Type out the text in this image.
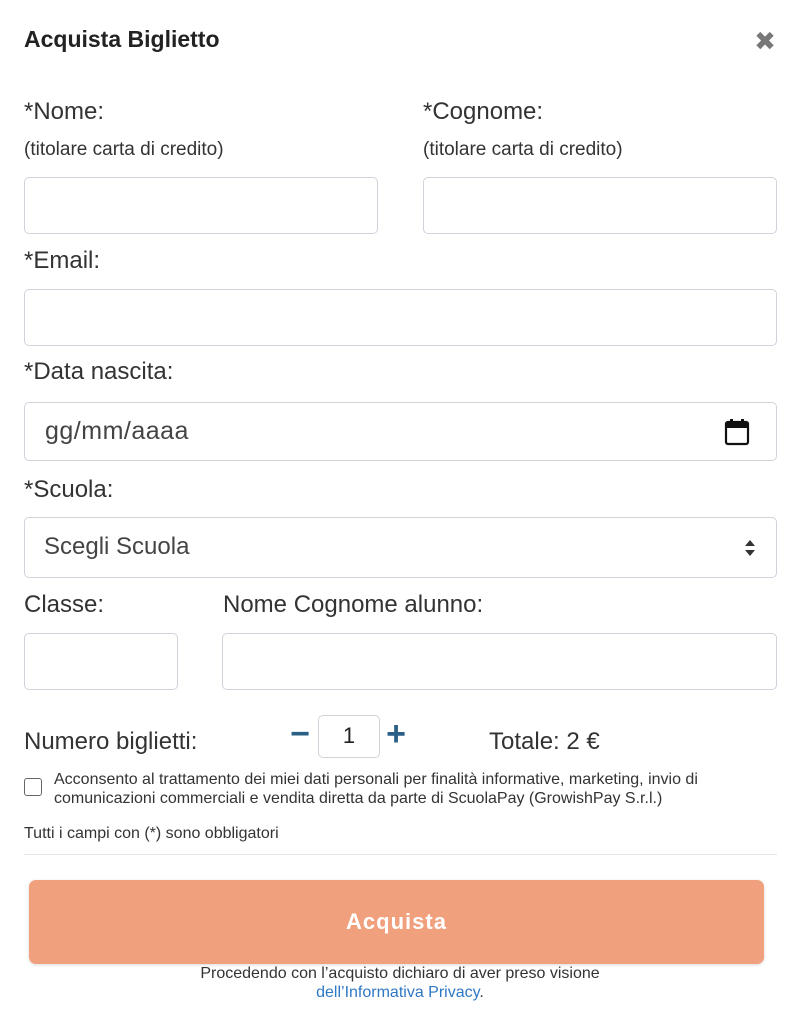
Acquista Biglietto	✖
*Nome:
(titolare carta di credito)
*Cognome:
(titolare carta di credito)
*Email:
*Data nascita:
gg/mm/aaaa
*Scuola:
Scegli Scuola
Classe:	Nome Cognome alunno:
Numero biglietti:	−	1 +	Totale: 2 €
Acconsento al trattamento dei miei dati personali per finalità informative, marketing, invio di comunicazioni commerciali e vendita diretta da parte di ScuolaPay (GrowishPay S.r.l.)
Tutti i campi con (*) sono obbligatori
Acquista
Procedendo con l’acquisto dichiaro di aver preso visione
dell’Informativa Privacy.
